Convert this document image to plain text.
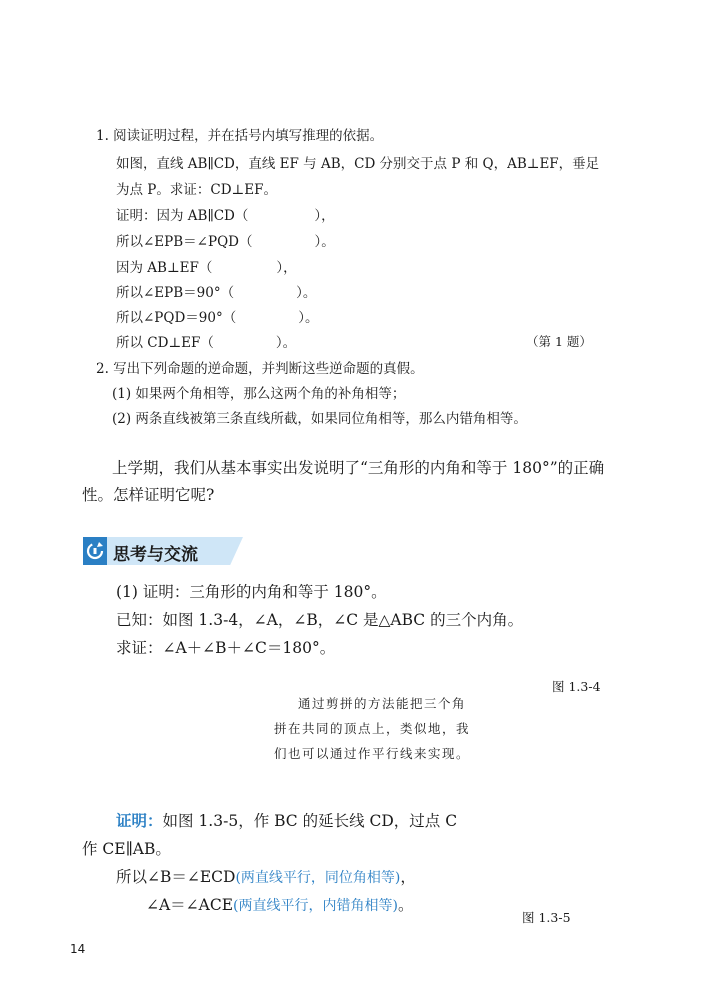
1. 阅读证明过程，并在括号内填写推理的依据。
如图，直线 AB∥CD，直线 EF 与 AB，CD 分别交于点 P 和 Q，AB⊥EF，垂足
为点 P。求证：CD⊥EF。
证明：因为 AB∥CD（	），
所以∠EPB＝∠PQD（	）。
因为 AB⊥EF（	），
所以∠EPB＝90°（	）。
所以∠PQD＝90°（	）。
所以 CD⊥EF（	）。	（第 1 题）
2. 写出下列命题的逆命题，并判断这些逆命题的真假。
(1) 如果两个角相等，那么这两个角的补角相等；
(2) 两条直线被第三条直线所截，如果同位角相等，那么内错角相等。
上学期，我们从基本事实出发说明了“三角形的内角和等于 180°”的正确
性。怎样证明它呢?
思考与交流
(1) 证明：三角形的内角和等于 180°。
已知：如图 1.3-4，∠A，∠B，∠C 是△ABC 的三个内角。
求证：∠A＋∠B＋∠C＝180°。
图 1.3-4
通过剪拼的方法能把三个角
拼在共同的顶点上，类似地，我
们也可以通过作平行线来实现。
证明：如图 1.3-5，作 BC 的延长线 CD，过点 C
作 CE∥AB。
所以∠B＝∠ECD(两直线平行，同位角相等)，
∠A＝∠ACE(两直线平行，内错角相等)。
图 1.3-5
14
